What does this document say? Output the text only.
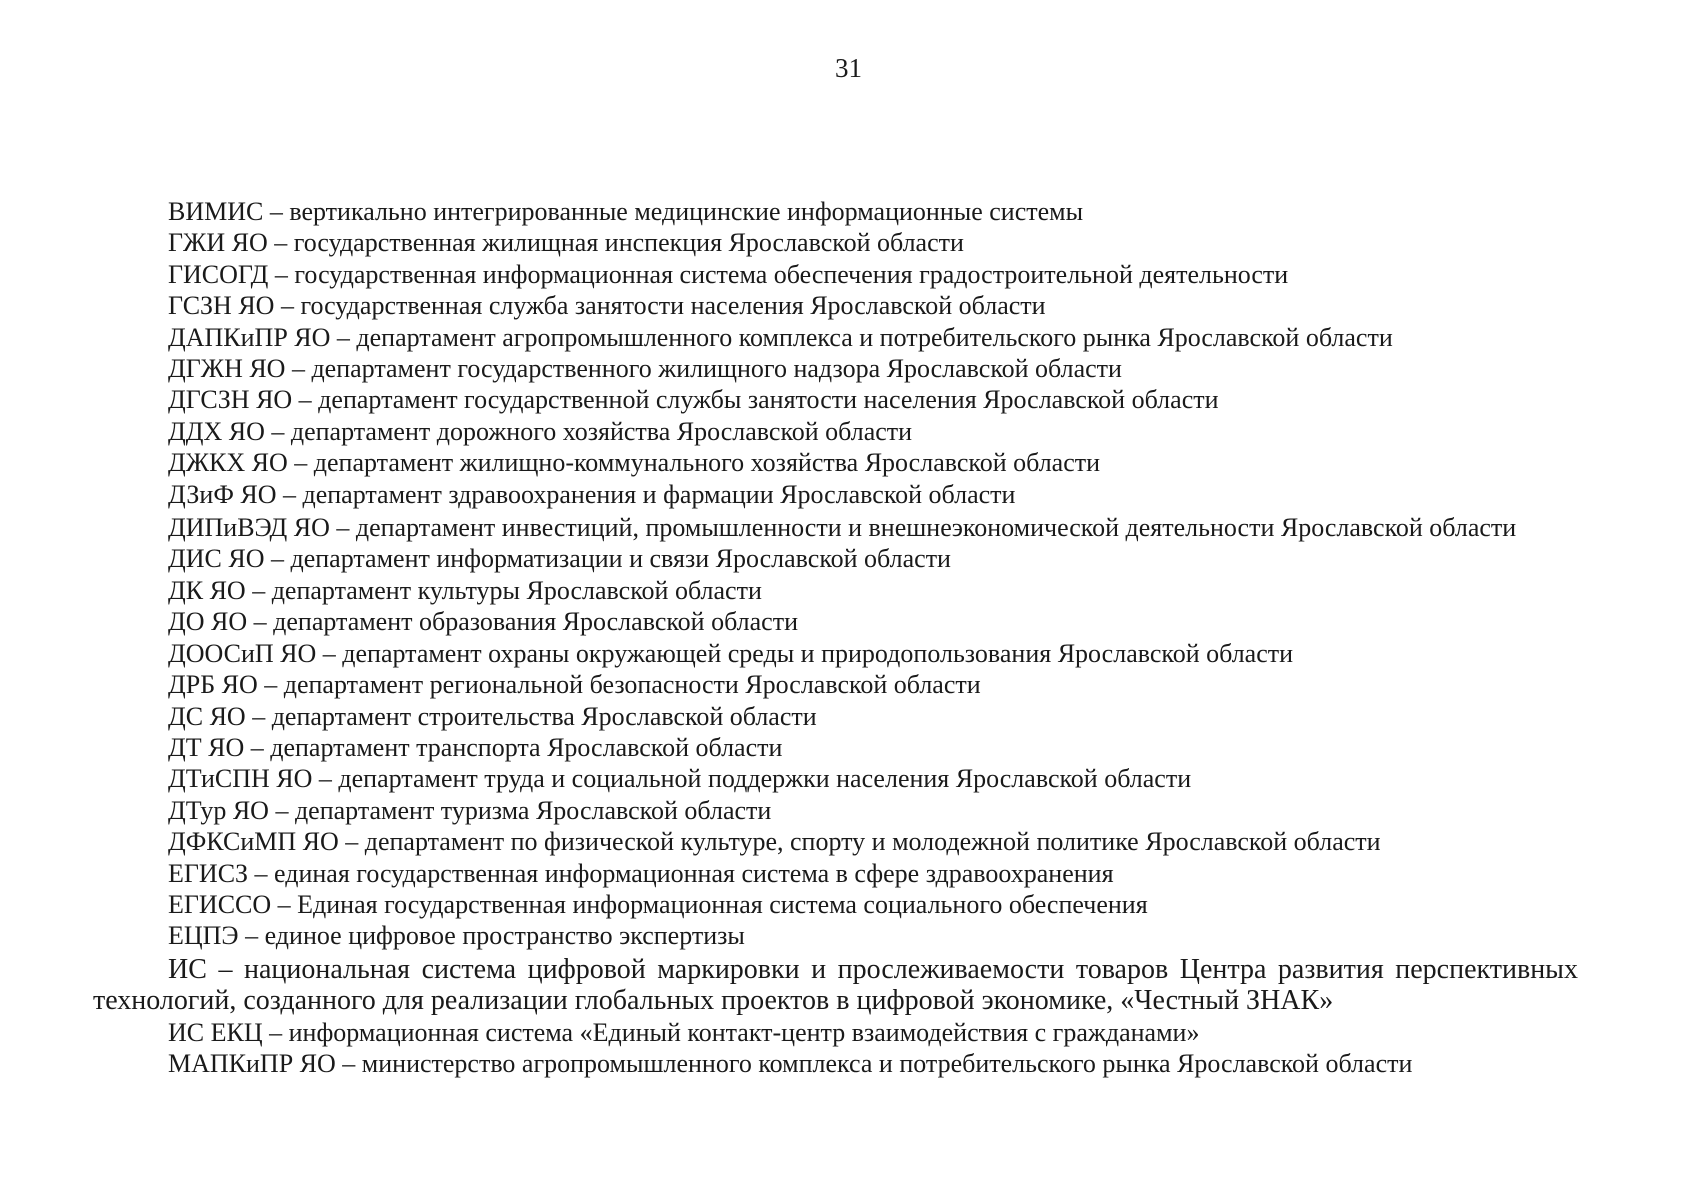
31
ВИМИС – вертикально интегрированные медицинские информационные системы
ГЖИ ЯО – государственная жилищная инспекция Ярославской области
ГИСОГД – государственная информационная система обеспечения градостроительной деятельности
ГСЗН ЯО – государственная служба занятости населения Ярославской области
ДАПКиПР ЯО – департамент агропромышленного комплекса и потребительского рынка Ярославской области
ДГЖН ЯО – департамент государственного жилищного надзора Ярославской области
ДГСЗН ЯО – департамент государственной службы занятости населения Ярославской области
ДДХ ЯО – департамент дорожного хозяйства Ярославской области
ДЖКХ ЯО – департамент жилищно-коммунального хозяйства Ярославской области
ДЗиФ ЯО – департамент здравоохранения и фармации Ярославской области
ДИПиВЭД ЯО – департамент инвестиций, промышленности и внешнеэкономической деятельности Ярославской области
ДИС ЯО – департамент информатизации и связи Ярославской области
ДК ЯО – департамент культуры Ярославской области
ДО ЯО – департамент образования Ярославской области
ДООСиП ЯО – департамент охраны окружающей среды и природопользования Ярославской области
ДРБ ЯО – департамент региональной безопасности Ярославской области
ДС ЯО – департамент строительства Ярославской области
ДТ ЯО – департамент транспорта Ярославской области
ДТиСПН ЯО – департамент труда и социальной поддержки населения Ярославской области
ДТур ЯО – департамент туризма Ярославской области
ДФКСиМП ЯО – департамент по физической культуре, спорту и молодежной политике Ярославской области
ЕГИСЗ – единая государственная информационная система в сфере здравоохранения
ЕГИССО – Единая государственная информационная система социального обеспечения
ЕЦПЭ – единое цифровое пространство экспертизы
ИС – национальная система цифровой маркировки и прослеживаемости товаров Центра развития перспективных технологий, созданного для реализации глобальных проектов в цифровой экономике, «Честный ЗНАК»
ИС ЕКЦ – информационная система «Единый контакт-центр взаимодействия с гражданами»
МАПКиПР ЯО – министерство агропромышленного комплекса и потребительского рынка Ярославской области
